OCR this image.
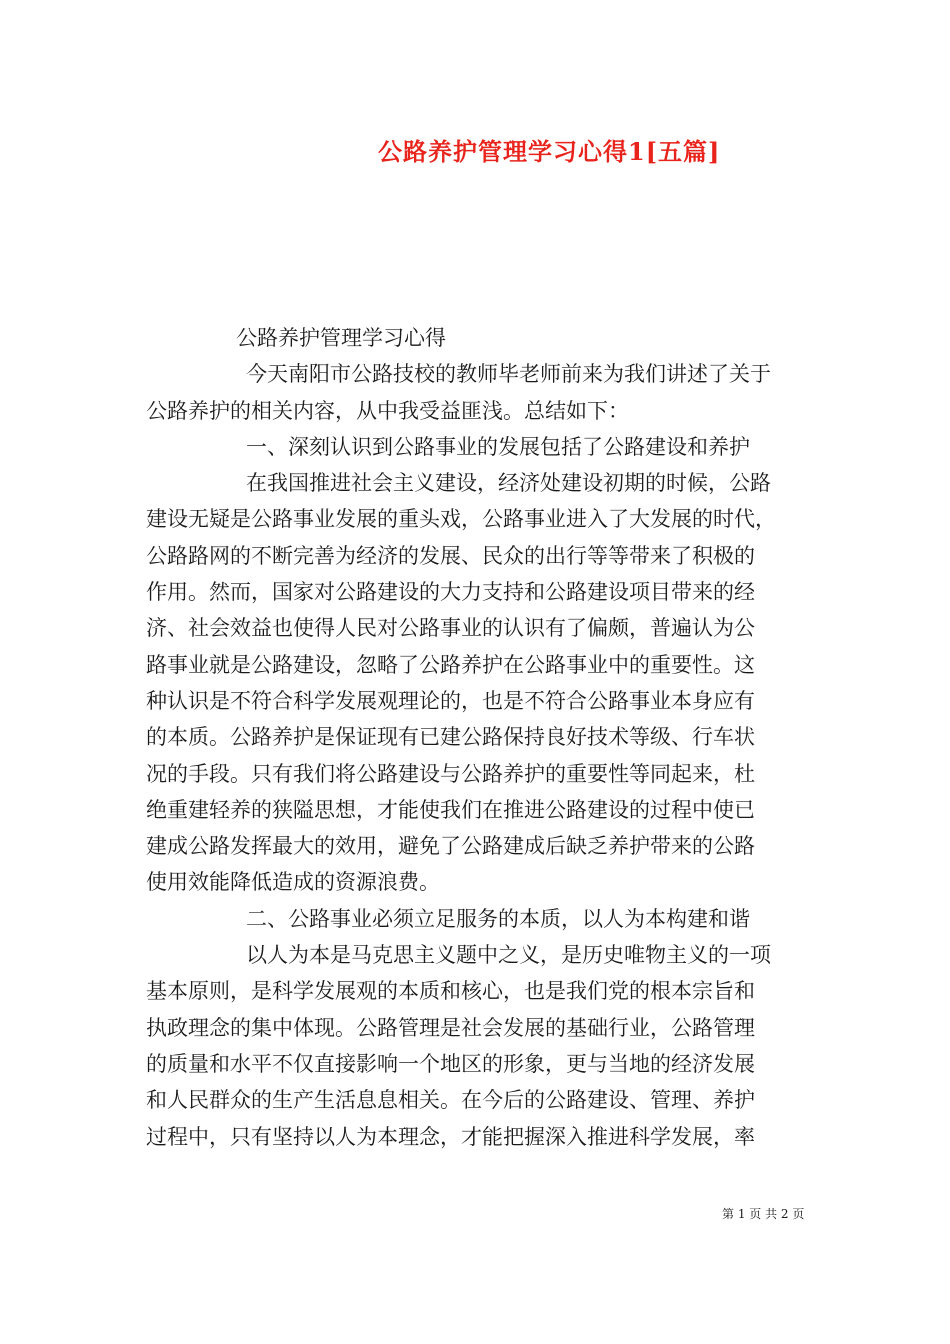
公路养护管理学习心得1[五篇]

公路养护管理学习心得

今天南阳市公路技校的教师毕老师前来为我们讲述了关于

公路养护的相关内容，从中我受益匪浅。总结如下：

一、深刻认识到公路事业的发展包括了公路建设和养护

在我国推进社会主义建设，经济处建设初期的时候，公路

建设无疑是公路事业发展的重头戏，公路事业进入了大发展的时代，

公路路网的不断完善为经济的发展、民众的出行等等带来了积极的

作用。然而，国家对公路建设的大力支持和公路建设项目带来的经

济、社会效益也使得人民对公路事业的认识有了偏颇，普遍认为公

路事业就是公路建设，忽略了公路养护在公路事业中的重要性。这

种认识是不符合科学发展观理论的，也是不符合公路事业本身应有

的本质。公路养护是保证现有已建公路保持良好技术等级、行车状

况的手段。只有我们将公路建设与公路养护的重要性等同起来，杜

绝重建轻养的狭隘思想，才能使我们在推进公路建设的过程中使已

建成公路发挥最大的效用，避免了公路建成后缺乏养护带来的公路

使用效能降低造成的资源浪费。

二、公路事业必须立足服务的本质，以人为本构建和谐

以人为本是马克思主义题中之义，是历史唯物主义的一项

基本原则，是科学发展观的本质和核心，也是我们党的根本宗旨和

执政理念的集中体现。公路管理是社会发展的基础行业，公路管理

的质量和水平不仅直接影响一个地区的形象，更与当地的经济发展

和人民群众的生产生活息息相关。在今后的公路建设、管理、养护

过程中，只有坚持以人为本理念，才能把握深入推进科学发展，率

第 1 页 共 2 页
